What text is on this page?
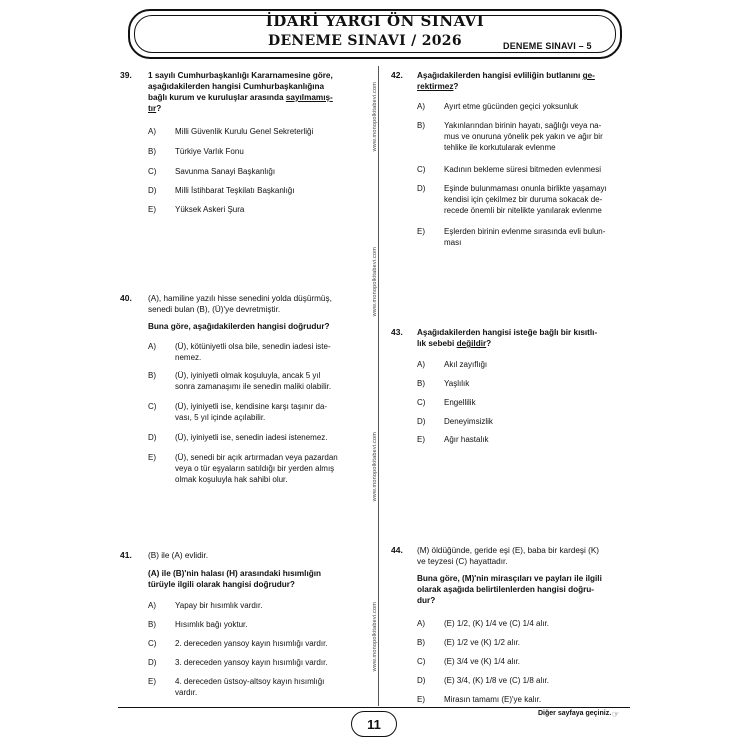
İDARİ YARGI ÖN SINAVI
DENEME SINAVI / 2026	DENEME SINAVI – 5
www.monopolkitabevi.com
www.monopolkitabevi.com
www.monopolkitabevi.com
www.monopolkitabevi.com
39. 1 sayılı Cumhurbaşkanlığı Kararnamesine göre,
aşağıdakilerden hangisi Cumhurbaşkanlığına
bağlı kurum ve kuruluşlar arasında sayılmamış-
tır?
A) Milli Güvenlik Kurulu Genel Sekreterliği
B) Türkiye Varlık Fonu
C) Savunma Sanayi Başkanlığı
D) Milli İstihbarat Teşkilatı Başkanlığı
E) Yüksek Askeri Şura
40. (A), hamiline yazılı hisse senedini yolda düşürmüş,
senedi bulan (B), (Ü)'ye devretmiştir.
Buna göre, aşağıdakilerden hangisi doğrudur?
A) (Ü), kötüniyetli olsa bile, senedin iadesi iste-
nemez.
B) (Ü), iyiniyetli olmak koşuluyla, ancak 5 yıl
sonra zamanaşımı ile senedin maliki olabilir.
C) (Ü), iyiniyetli ise, kendisine karşı taşınır da-
vası, 5 yıl içinde açılabilir.
D) (Ü), iyiniyetli ise, senedin iadesi istenemez.
E) (Ü), senedi bir açık artırmadan veya pazardan
veya o tür eşyaların satıldığı bir yerden almış
olmak koşuluyla hak sahibi olur.
41. (B) ile (A) evlidir.
(A) ile (B)'nin halası (H) arasındaki hısımlığın
türüyle ilgili olarak hangisi doğrudur?
A) Yapay bir hısımlık vardır.
B) Hısımlık bağı yoktur.
C) 2. dereceden yansoy kayın hısımlığı vardır.
D) 3. dereceden yansoy kayın hısımlığı vardır.
E) 4. dereceden üstsoy-altsoy kayın hısımlığı
vardır.
42. Aşağıdakilerden hangisi evliliğin butlanını ge-
rektirmez?
A) Ayırt etme gücünden geçici yoksunluk
B) Yakınlarından birinin hayatı, sağlığı veya na-
mus ve onuruna yönelik pek yakın ve ağır bir
tehlike ile korkutularak evlenme
C) Kadının bekleme süresi bitmeden evlenmesi
D) Eşinde bulunmaması onunla birlikte yaşamayı
kendisi için çekilmez bir duruma sokacak de-
recede önemli bir nitelikte yanılarak evlenme
E) Eşlerden birinin evlenme sırasında evli bulun-
ması
43. Aşağıdakilerden hangisi isteğe bağlı bir kısıtlı-
lık sebebi değildir?
A) Akıl zayıflığı
B) Yaşlılık
C) Engellilik
D) Deneyimsizlik
E) Ağır hastalık
44. (M) öldüğünde, geride eşi (E), baba bir kardeşi (K)
ve teyzesi (C) hayattadır.
Buna göre, (M)'nin mirasçıları ve payları ile ilgili
olarak aşağıda belirtilenlerden hangisi doğru-
dur?
A) (E) 1/2, (K) 1/4 ve (C) 1/4 alır.
B) (E) 1/2 ve (K) 1/2 alır.
C) (E) 3/4 ve (K) 1/4 alır.
D) (E) 3/4, (K) 1/8 ve (C) 1/8 alır.
E) Mirasın tamamı (E)'ye kalır.
11
Diğer sayfaya geçiniz. ☞
